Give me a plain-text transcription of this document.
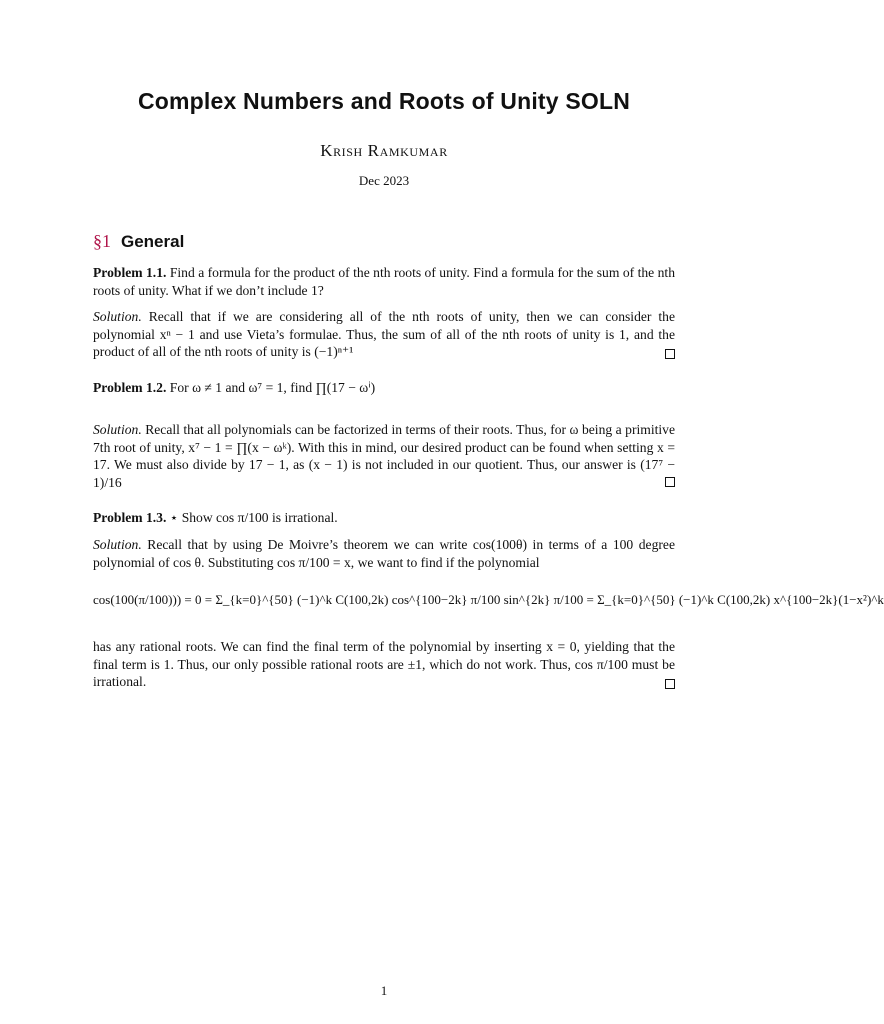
Complex Numbers and Roots of Unity SOLN
Krish Ramkumar
Dec 2023
§1 General
Problem 1.1. Find a formula for the product of the nth roots of unity. Find a formula for the sum of the nth roots of unity. What if we don’t include 1?
Solution. Recall that if we are considering all of the nth roots of unity, then we can consider the polynomial xⁿ − 1 and use Vieta’s formulae. Thus, the sum of all of the nth roots of unity is 1, and the product of all of the nth roots of unity is (−1)ⁿ⁺¹
Problem 1.2. For ω ≠ 1 and ω⁷ = 1, find ∏(17 − ωⁱ)
Solution. Recall that all polynomials can be factorized in terms of their roots. Thus, for ω being a primitive 7th root of unity, x⁷ − 1 = ∏(x − ωᵏ). With this in mind, our desired product can be found when setting x = 17. We must also divide by 17 − 1, as (x − 1) is not included in our quotient. Thus, our answer is (17⁷ − 1)/16
Problem 1.3. ⋆ Show cos π/100 is irrational.
Solution. Recall that by using De Moivre’s theorem we can write cos(100θ) in terms of a 100 degree polynomial of cos θ. Substituting cos π/100 = x, we want to find if the polynomial
cos(100(π/100))) = 0 = Σ_{k=0}^{50} (−1)^k C(100,2k) cos^{100−2k} π/100 sin^{2k} π/100 = Σ_{k=0}^{50} (−1)^k C(100,2k) x^{100−2k}(1−x²)^k
has any rational roots. We can find the final term of the polynomial by inserting x = 0, yielding that the final term is 1. Thus, our only possible rational roots are ±1, which do not work. Thus, cos π/100 must be irrational.
1
